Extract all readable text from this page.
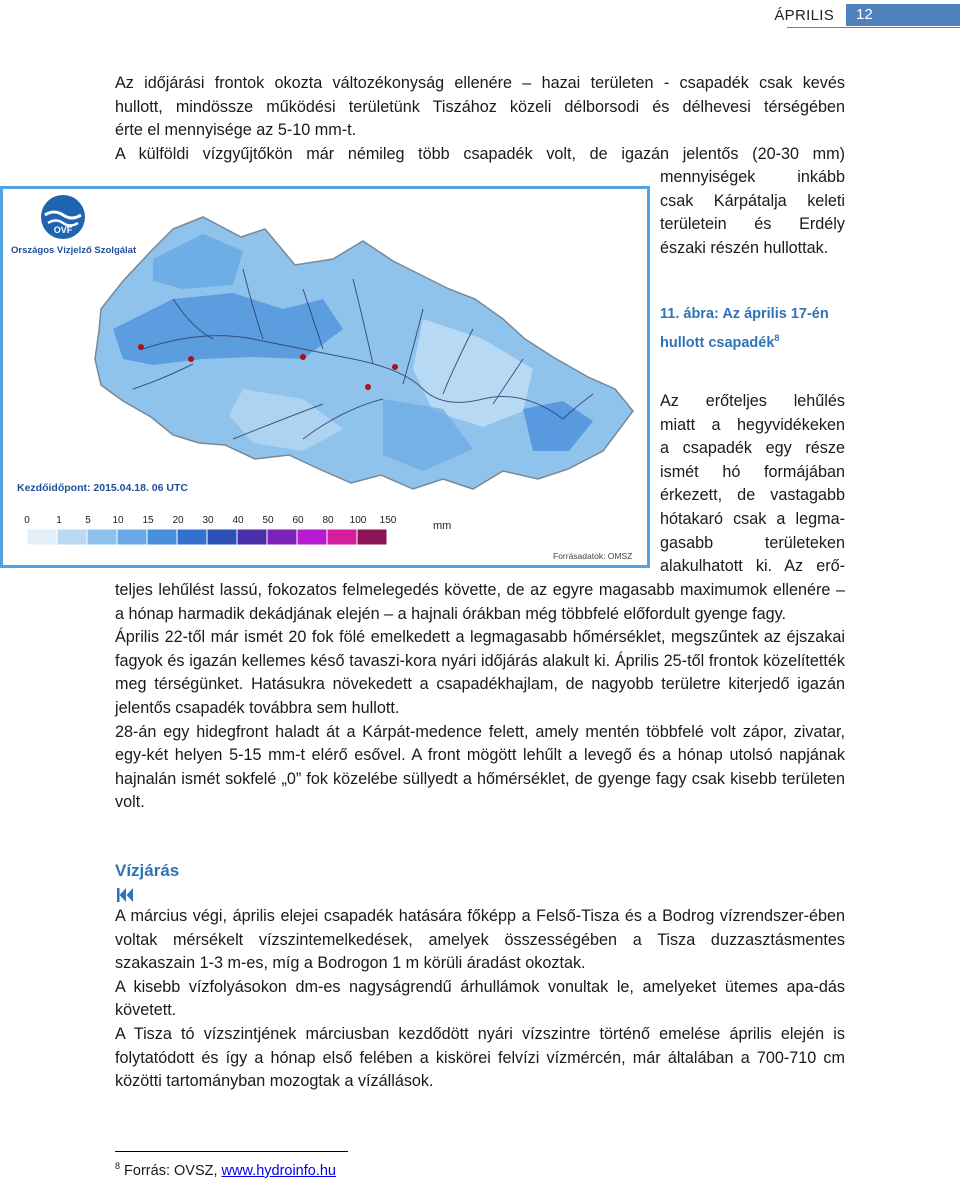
ÁPRILIS	12
Az időjárási frontok okozta változékonyság ellenére – hazai területen - csapadék csak kevés
hullott, mindössze működési területünk Tiszához közeli délborsodi és délhevesi térségében
érte el mennyisége az 5-10 mm-t.
A külföldi vízgyűjtőkön már némileg több csapadék volt, de igazán jelentős (20-30 mm)
mennyiségek inkább
csak Kárpátalja keleti
területein és Erdély
északi részén hullottak.
OVF
Országos Vízjelző Szolgálat
Kezdőidőpont: 2015.04.18. 06 UTC
0	1 5 10 15 20 30 40 50 60 80 100 150	mm
Forrásadatok: OMSZ
11. ábra: Az április 17-én
hullott csapadék$^8$
Az erőteljes lehűlés
miatt a hegyvidékeken
a csapadék egy része
ismét hó formájában
érkezett, de vastagabb
hótakaró csak a legma-
gasabb területeken
alakulhatott ki. Az erő-

teljes lehűlést lassú, fokozatos felmelegedés követte, de az egyre magasabb maximumok ellenére – a hónap harmadik dekádjának elején – a hajnali órákban még többfelé előfordult gyenge fagy.

Április 22-től már ismét 20 fok fölé emelkedett a legmagasabb hőmérséklet, megszűntek az éjszakai fagyok és igazán kellemes késő tavaszi-kora nyári időjárás alakult ki. Április 25-től frontok közelítették meg térségünket. Hatásukra növekedett a csapadékhajlam, de nagyobb területre kiterjedő igazán jelentős csapadék továbbra sem hullott.

28-án egy hidegfront haladt át a Kárpát-medence felett, amely mentén többfelé volt zápor, zivatar, egy-két helyen 5-15 mm-t elérő esővel. A front mögött lehűlt a levegő és a hónap utolsó napjának hajnalán ismét sokfelé „0” fok közelébe süllyedt a hőmérséklet, de gyenge fagy csak kisebb területen volt.

Vízjárás

A március végi, április elejei csapadék hatására főképp a Felső-Tisza és a Bodrog vízrendszer-ében voltak mérsékelt vízszintemelkedések, amelyek összességében a Tisza duzzasztásmentes szakaszain 1-3 m-es, míg a Bodrogon 1 m körüli áradást okoztak.

A kisebb vízfolyásokon dm-es nagyságrendű árhullámok vonultak le, amelyeket ütemes apa-dás követett.

A Tisza tó vízszintjének márciusban kezdődött nyári vízszintre történő emelése április elején is folytatódott és így a hónap első felében a kiskörei felvízi vízmércén, már általában a 700-710 cm közötti tartományban mozogtak a vízállások.

$^8$ Forrás: OVSZ, www.hydroinfo.hu
